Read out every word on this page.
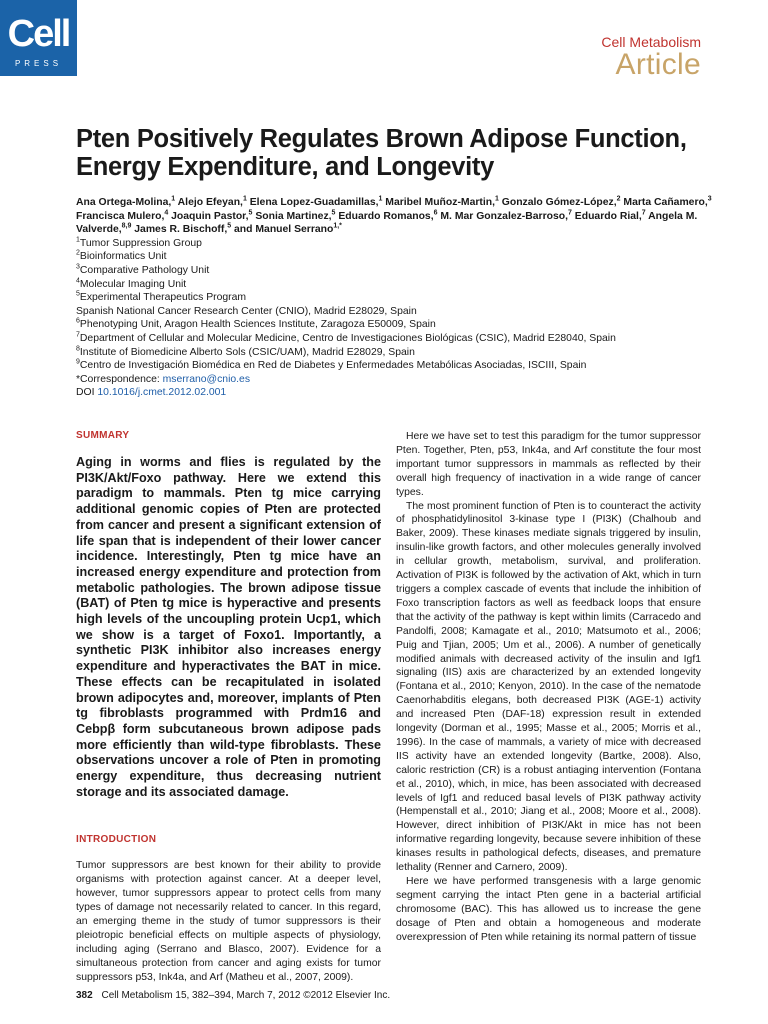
Cell
PRESS
Cell Metabolism
Article
Pten Positively Regulates Brown Adipose Function,
Energy Expenditure, and Longevity
Ana Ortega-Molina,$^1$ Alejo Efeyan,$^1$ Elena Lopez-Guadamillas,$^1$ Maribel Muñoz-Martin,$^1$ Gonzalo Gómez-López,$^2$ Marta Cañamero,$^3$ Francisca Mulero,$^4$ Joaquin Pastor,$^5$ Sonia Martinez,$^5$ Eduardo Romanos,$^6$ M. Mar Gonzalez-Barroso,$^7$ Eduardo Rial,$^7$ Angela M. Valverde,$^{8,9}$ James R. Bischoff,$^5$ and Manuel Serrano$^{1,*}$
$^1$Tumor Suppression Group
$^2$Bioinformatics Unit
$^3$Comparative Pathology Unit
$^4$Molecular Imaging Unit
$^5$Experimental Therapeutics Program
Spanish National Cancer Research Center (CNIO), Madrid E28029, Spain
$^6$Phenotyping Unit, Aragon Health Sciences Institute, Zaragoza E50009, Spain
$^7$Department of Cellular and Molecular Medicine, Centro de Investigaciones Biológicas (CSIC), Madrid E28040, Spain
$^8$Institute of Biomedicine Alberto Sols (CSIC/UAM), Madrid E28029, Spain
$^9$Centro de Investigación Biomédica en Red de Diabetes y Enfermedades Metabólicas Asociadas, ISCIII, Spain
*Correspondence: mserrano@cnio.es
DOI 10.1016/j.cmet.2012.02.001
SUMMARY

Aging in worms and flies is regulated by the PI3K/Akt/Foxo pathway. Here we extend this paradigm to mammals. Pten tg mice carrying additional genomic copies of Pten are protected from cancer and present a significant extension of life span that is independent of their lower cancer incidence. Interestingly, Pten tg mice have an increased energy expenditure and protection from metabolic pathologies. The brown adipose tissue (BAT) of Pten tg mice is hyperactive and presents high levels of the uncoupling protein Ucp1, which we show is a target of Foxo1. Importantly, a synthetic PI3K inhibitor also increases energy expenditure and hyperactivates the BAT in mice. These effects can be recapitulated in isolated brown adipocytes and, moreover, implants of Pten tg fibroblasts programmed with Prdm16 and Cebpβ form subcutaneous brown adipose pads more efficiently than wild-type fibroblasts. These observations uncover a role of Pten in promoting energy expenditure, thus decreasing nutrient storage and its associated damage.

INTRODUCTION

Tumor suppressors are best known for their ability to provide organisms with protection against cancer. At a deeper level, however, tumor suppressors appear to protect cells from many types of damage not necessarily related to cancer. In this regard, an emerging theme in the study of tumor suppressors is their pleiotropic beneficial effects on multiple aspects of physiology, including aging (Serrano and Blasco, 2007). Evidence for a simultaneous protection from cancer and aging exists for tumor suppressors p53, Ink4a, and Arf (Matheu et al., 2007, 2009).

Here we have set to test this paradigm for the tumor suppressor Pten. Together, Pten, p53, Ink4a, and Arf constitute the four most important tumor suppressors in mammals as reflected by their overall high frequency of inactivation in a wide range of cancer types.

The most prominent function of Pten is to counteract the activity of phosphatidylinositol 3-kinase type I (PI3K) (Chalhoub and Baker, 2009). These kinases mediate signals triggered by insulin, insulin-like growth factors, and other molecules generally involved in cellular growth, metabolism, survival, and proliferation. Activation of PI3K is followed by the activation of Akt, which in turn triggers a complex cascade of events that include the inhibition of Foxo transcription factors as well as feedback loops that ensure that the activity of the pathway is kept within limits (Carracedo and Pandolfi, 2008; Kamagate et al., 2010; Matsumoto et al., 2006; Puig and Tjian, 2005; Um et al., 2006). A number of genetically modified animals with decreased activity of the insulin and Igf1 signaling (IIS) axis are characterized by an extended longevity (Fontana et al., 2010; Kenyon, 2010). In the case of the nematode Caenorhabditis elegans, both decreased PI3K (AGE-1) activity and increased Pten (DAF-18) expression result in extended longevity (Dorman et al., 1995; Masse et al., 2005; Morris et al., 1996). In the case of mammals, a variety of mice with decreased IIS activity have an extended longevity (Bartke, 2008). Also, caloric restriction (CR) is a robust antiaging intervention (Fontana et al., 2010), which, in mice, has been associated with decreased levels of Igf1 and reduced basal levels of PI3K pathway activity (Hempenstall et al., 2010; Jiang et al., 2008; Moore et al., 2008). However, direct inhibition of PI3K/Akt in mice has not been informative regarding longevity, because severe inhibition of these kinases results in pathological defects, diseases, and premature lethality (Renner and Carnero, 2009).

Here we have performed transgenesis with a large genomic segment carrying the intact Pten gene in a bacterial artificial chromosome (BAC). This has allowed us to increase the gene dosage of Pten and obtain a homogeneous and moderate overexpression of Pten while retaining its normal pattern of tissue

382 Cell Metabolism 15, 382–394, March 7, 2012 ©2012 Elsevier Inc.
